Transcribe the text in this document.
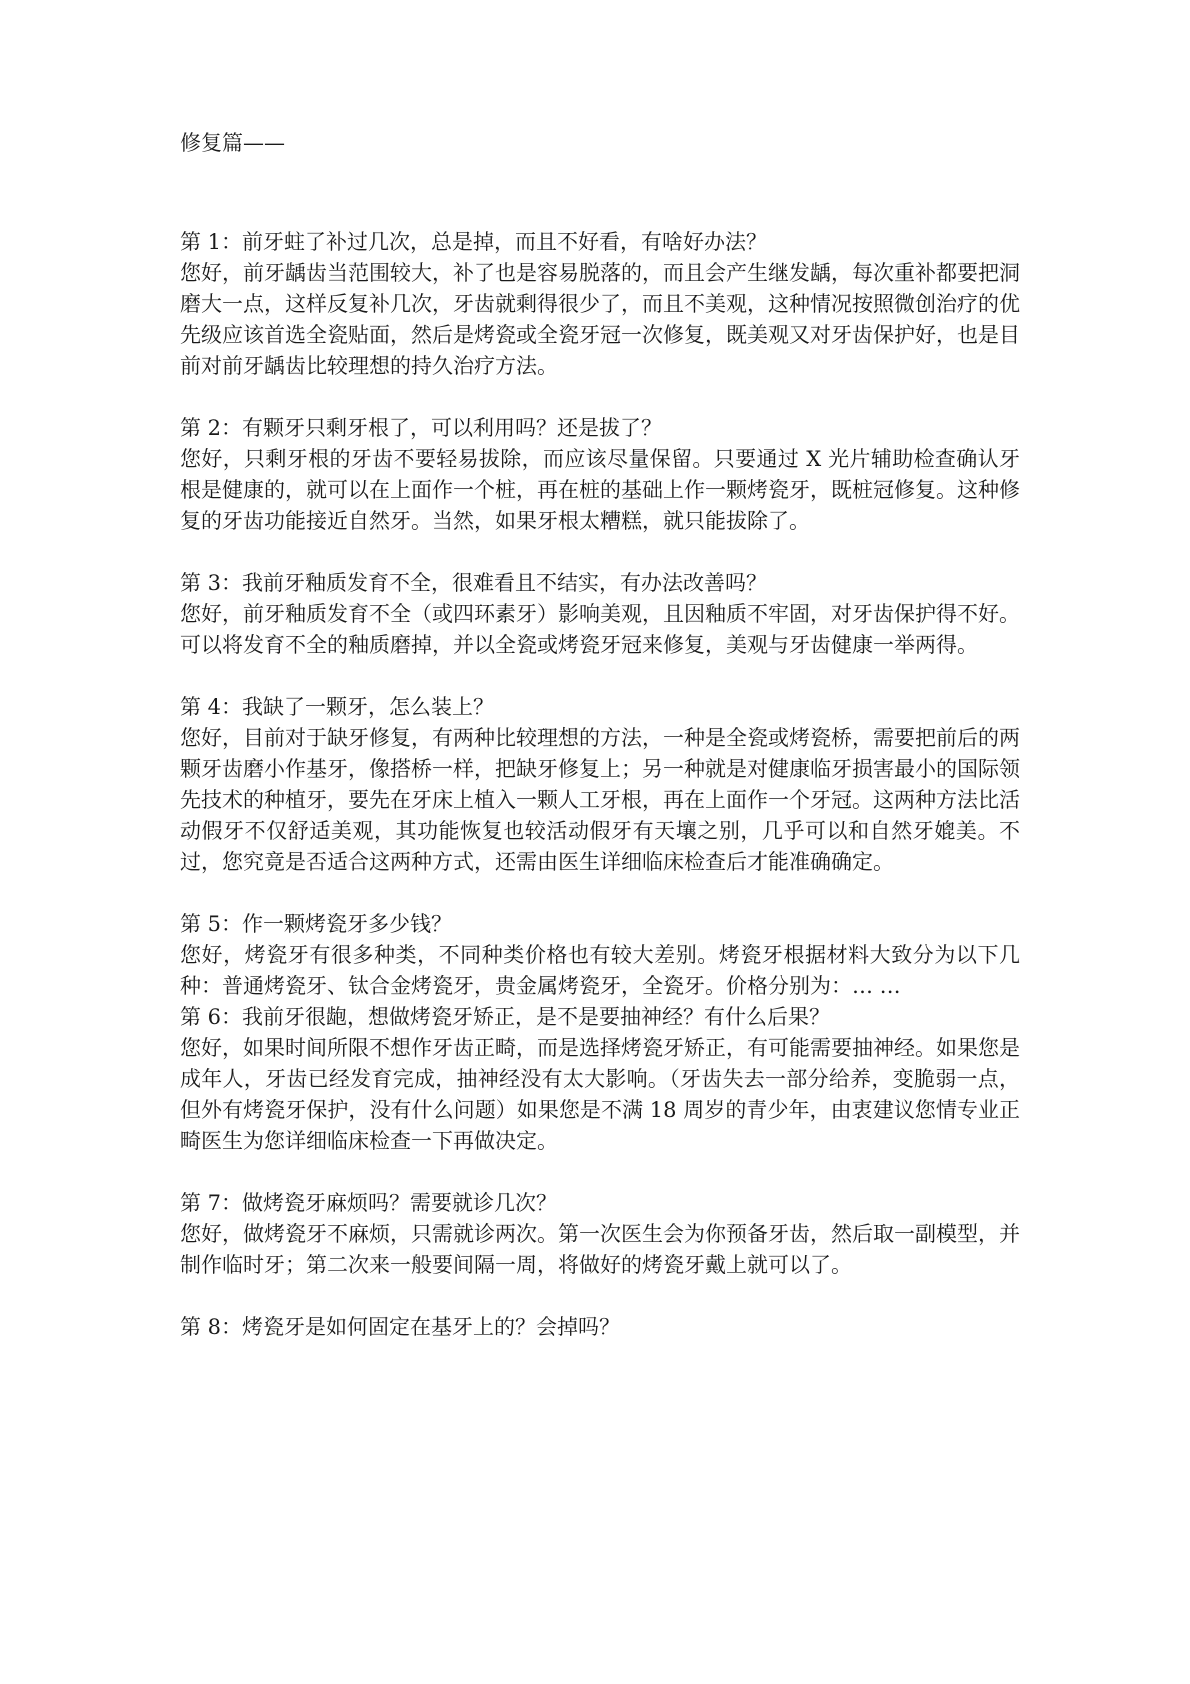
修复篇——

第 1：前牙蛀了补过几次，总是掉，而且不好看，有啥好办法？

您好，前牙龋齿当范围较大，补了也是容易脱落的，而且会产生继发龋，每次重补都要把洞磨大一点，这样反复补几次，牙齿就剩得很少了，而且不美观，这种情况按照微创治疗的优先级应该首选全瓷贴面，然后是烤瓷或全瓷牙冠一次修复，既美观又对牙齿保护好，也是目前对前牙龋齿比较理想的持久治疗方法。

第 2：有颗牙只剩牙根了，可以利用吗？还是拔了？

您好，只剩牙根的牙齿不要轻易拔除，而应该尽量保留。只要通过 X 光片辅助检查确认牙根是健康的，就可以在上面作一个桩，再在桩的基础上作一颗烤瓷牙，既桩冠修复。这种修复的牙齿功能接近自然牙。当然，如果牙根太糟糕，就只能拔除了。

第 3：我前牙釉质发育不全，很难看且不结实，有办法改善吗？

您好，前牙釉质发育不全（或四环素牙）影响美观，且因釉质不牢固，对牙齿保护得不好。可以将发育不全的釉质磨掉，并以全瓷或烤瓷牙冠来修复，美观与牙齿健康一举两得。

第 4：我缺了一颗牙，怎么装上？

您好，目前对于缺牙修复，有两种比较理想的方法，一种是全瓷或烤瓷桥，需要把前后的两颗牙齿磨小作基牙，像搭桥一样，把缺牙修复上；另一种就是对健康临牙损害最小的国际领先技术的种植牙，要先在牙床上植入一颗人工牙根，再在上面作一个牙冠。这两种方法比活动假牙不仅舒适美观，其功能恢复也较活动假牙有天壤之别，几乎可以和自然牙媲美。不过，您究竟是否适合这两种方式，还需由医生详细临床检查后才能准确确定。

第 5：作一颗烤瓷牙多少钱？

您好，烤瓷牙有很多种类，不同种类价格也有较大差别。烤瓷牙根据材料大致分为以下几种：普通烤瓷牙、钛合金烤瓷牙，贵金属烤瓷牙，全瓷牙。价格分别为：… …

第 6：我前牙很龅，想做烤瓷牙矫正，是不是要抽神经？有什么后果？

您好，如果时间所限不想作牙齿正畸，而是选择烤瓷牙矫正，有可能需要抽神经。如果您是成年人，牙齿已经发育完成，抽神经没有太大影响。（牙齿失去一部分给养，变脆弱一点，但外有烤瓷牙保护，没有什么问题）如果您是不满 18 周岁的青少年，由衷建议您情专业正畸医生为您详细临床检查一下再做决定。

第 7：做烤瓷牙麻烦吗？需要就诊几次？

您好，做烤瓷牙不麻烦，只需就诊两次。第一次医生会为你预备牙齿，然后取一副模型，并制作临时牙；第二次来一般要间隔一周，将做好的烤瓷牙戴上就可以了。

第 8：烤瓷牙是如何固定在基牙上的？会掉吗？
